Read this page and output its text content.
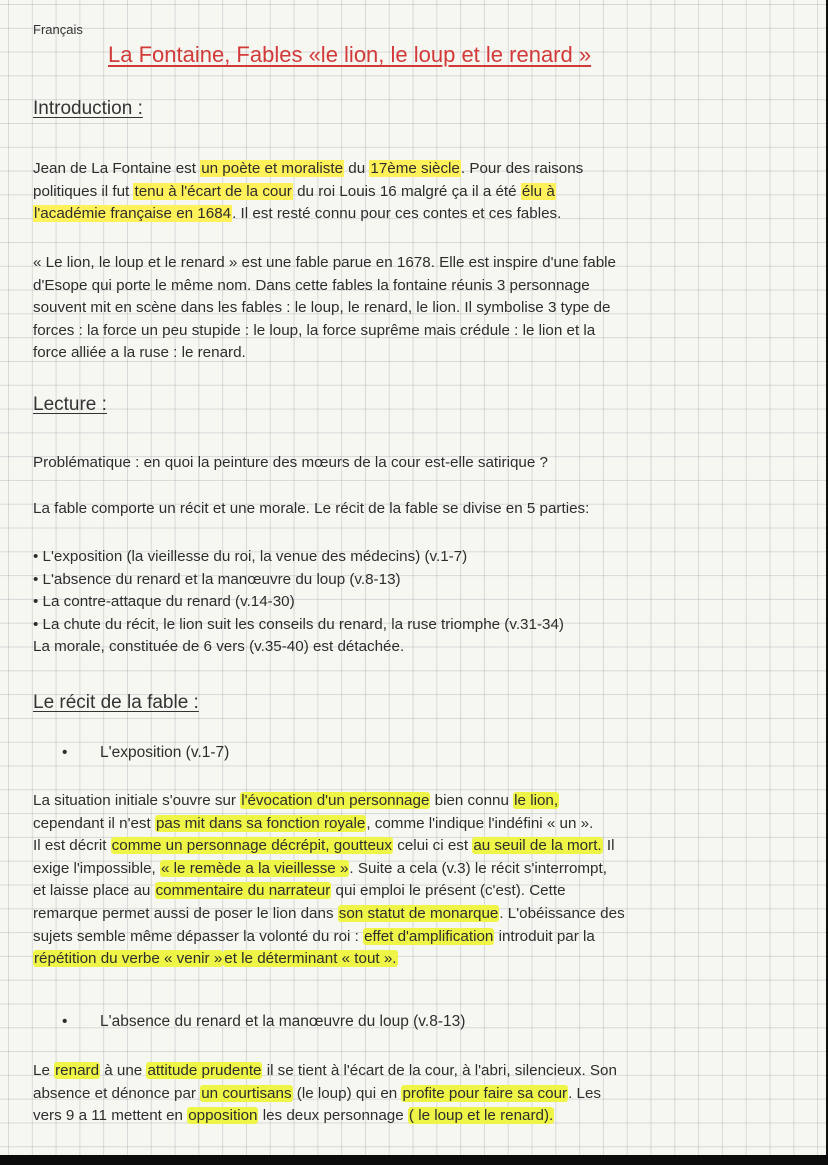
Français
La Fontaine, Fables «le lion, le loup et le renard »
Introduction :
Jean de La Fontaine est un poète et moraliste du 17ème siècle. Pour des raisons
politiques il fut tenu à l'écart de la cour du roi Louis 16 malgré ça il a été élu à
l'académie française en 1684. Il est resté connu pour ces contes et ces fables.
« Le lion, le loup et le renard » est une fable parue en 1678. Elle est inspire d'une fable
d'Esope qui porte le même nom. Dans cette fables la fontaine réunis 3 personnage
souvent mit en scène dans les fables : le loup, le renard, le lion. Il symbolise 3 type de
forces : la force un peu stupide : le loup, la force suprême mais crédule : le lion et la
force alliée a la ruse : le renard.
Lecture :
Problématique : en quoi la peinture des mœurs de la cour est-elle satirique ?
La fable comporte un récit et une morale. Le récit de la fable se divise en 5 parties:
• L'exposition (la vieillesse du roi, la venue des médecins) (v.1-7)
• L'absence du renard et la manœuvre du loup (v.8-13)
• La contre-attaque du renard (v.14-30)
• La chute du récit, le lion suit les conseils du renard, la ruse triomphe (v.31-34)
La morale, constituée de 6 vers (v.35-40) est détachée.
Le récit de la fable :
• L'exposition (v.1-7)
La situation initiale s'ouvre sur l'évocation d'un personnage bien connu le lion,
cependant il n'est pas mit dans sa fonction royale, comme l'indique l'indéfini « un ».
Il est décrit comme un personnage décrépit, goutteux celui ci est au seuil de la mort. Il
exige l'impossible, « le remède a la vieillesse ». Suite a cela (v.3) le récit s'interrompt,
et laisse place au commentaire du narrateur qui emploi le présent (c'est). Cette
remarque permet aussi de poser le lion dans son statut de monarque. L'obéissance des
sujets semble même dépasser la volonté du roi : effet d'amplification introduit par la
répétition du verbe « venir » et le déterminant « tout ».
• L'absence du renard et la manœuvre du loup (v.8-13)
Le renard à une attitude prudente il se tient à l'écart de la cour, à l'abri, silencieux. Son
absence et dénonce par un courtisans (le loup) qui en profite pour faire sa cour. Les
vers 9 a 11 mettent en opposition les deux personnage ( le loup et le renard).
